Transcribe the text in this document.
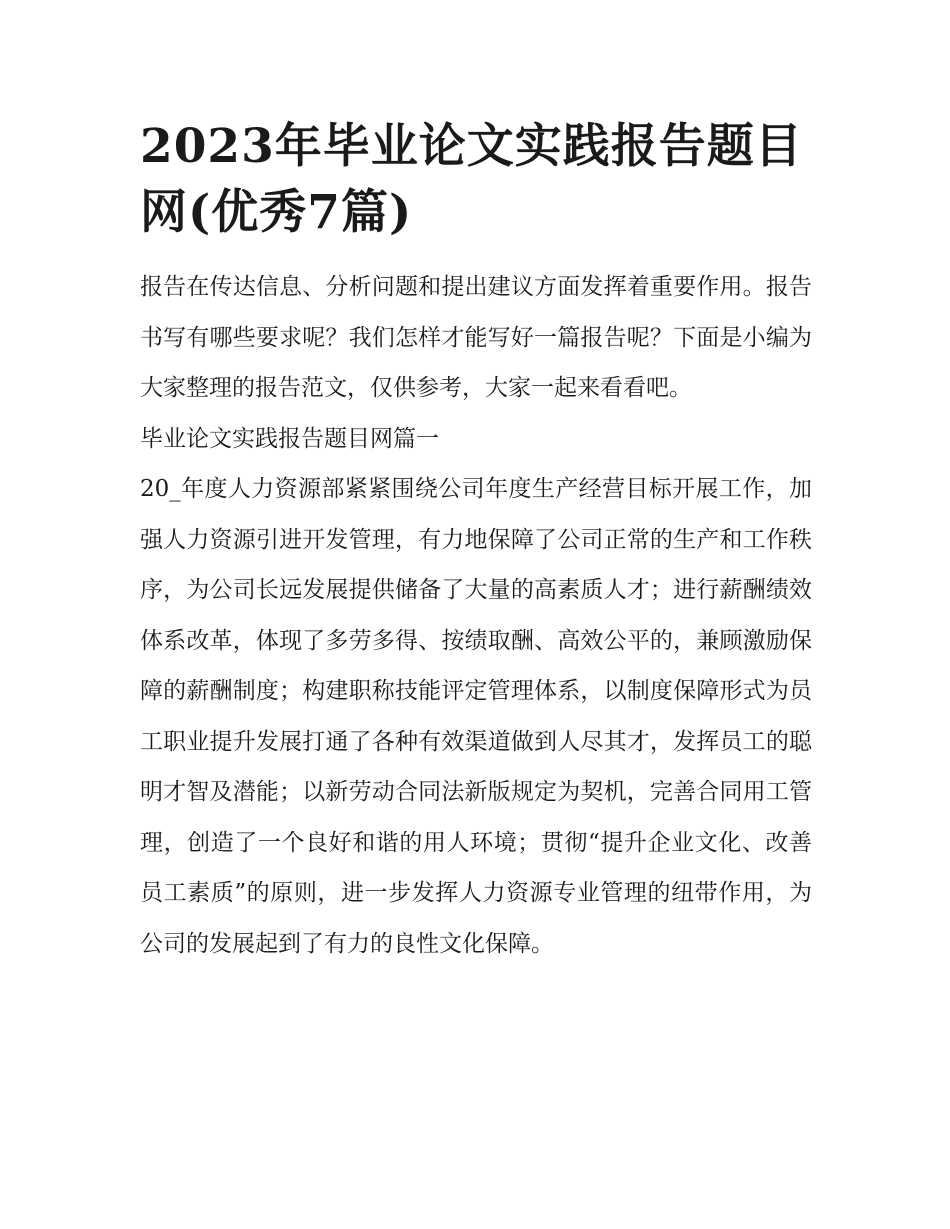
2023年毕业论文实践报告题目网(优秀7篇)

报告在传达信息、分析问题和提出建议方面发挥着重要作用。报告书写有哪些要求呢？我们怎样才能写好一篇报告呢？下面是小编为大家整理的报告范文，仅供参考，大家一起来看看吧。

毕业论文实践报告题目网篇一

20_年度人力资源部紧紧围绕公司年度生产经营目标开展工作，加强人力资源引进开发管理，有力地保障了公司正常的生产和工作秩序，为公司长远发展提供储备了大量的高素质人才；进行薪酬绩效体系改革，体现了多劳多得、按绩取酬、高效公平的，兼顾激励保障的薪酬制度；构建职称技能评定管理体系，以制度保障形式为员工职业提升发展打通了各种有效渠道做到人尽其才，发挥员工的聪明才智及潜能；以新劳动合同法新版规定为契机，完善合同用工管理，创造了一个良好和谐的用人环境；贯彻“提升企业文化、改善员工素质”的原则，进一步发挥人力资源专业管理的纽带作用，为公司的发展起到了有力的良性文化保障。
